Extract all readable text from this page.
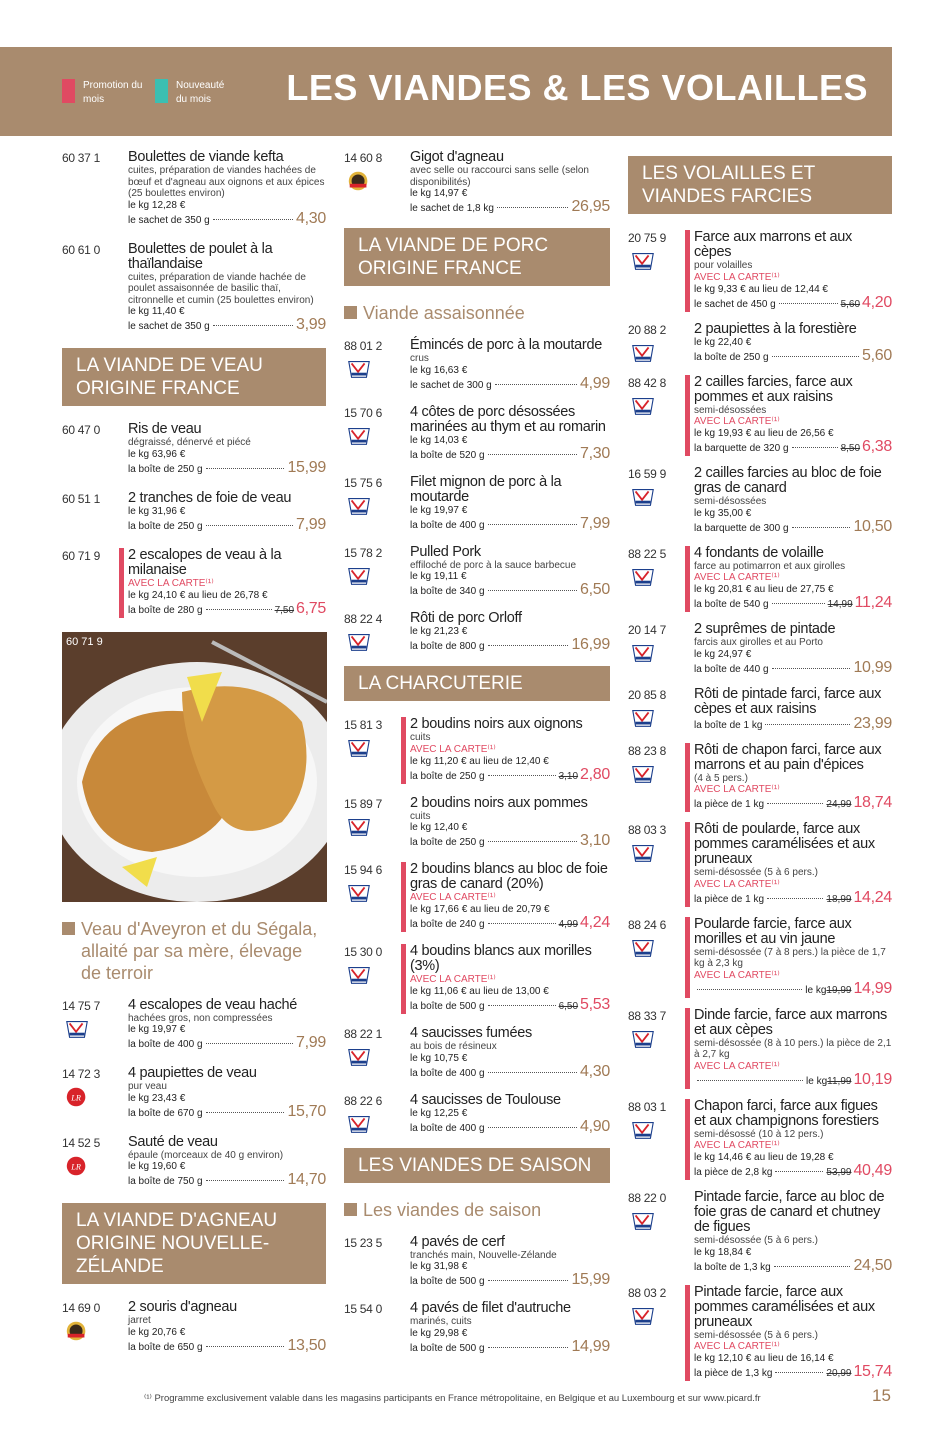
Promotion du mois
Nouveauté du mois	LES VIANDES & LES VOLAILLES
60 37 1 Boulettes de viande kefta
cuites, préparation de viandes hachées de bœuf et d'agneau aux oignons et aux épices (25 boulettes environ)
le kg 12,28 €
le sachet de 350 g	4,30
60 61 0 Boulettes de poulet à la thaïlandaise
cuites, préparation de viande hachée de poulet assaisonnée de basilic thaï, citronnelle et cumin (25 boulettes environ)
le kg 11,40 €
le sachet de 350 g	3,99
LA VIANDE DE VEAU ORIGINE FRANCE
60 47 0 Ris de veau
dégraissé, dénervé et piécé
le kg 63,96 €
la boîte de 250 g	15,99
60 51 1 2 tranches de foie de veau
le kg 31,96 €
la boîte de 250 g	7,99
60 71 9 2 escalopes de veau à la milanaise
AVEC LA CARTE⁽¹⁾
le kg 24,10 € au lieu de 26,78 €
la boîte de 280 g	7,50 6,75
60 71 9
Veau d'Aveyron et du Ségala, allaité par sa mère, élevage de terroir
14 75 7 4 escalopes de veau haché
hachées gros, non compressées
le kg 19,97 €
la boîte de 400 g	7,99
14 72 3
LR
4 paupiettes de veau
pur veau
le kg 23,43 €
la boîte de 670 g	15,70
14 52 5
LR
Sauté de veau
épaule (morceaux de 40 g environ)
le kg 19,60 €
la boîte de 750 g	14,70
LA VIANDE D'AGNEAU ORIGINE NOUVELLE-ZÉLANDE
14 69 0 2 souris d'agneau
jarret
le kg 20,76 €
la boîte de 650 g	13,50
14 60 8 Gigot d'agneau
avec selle ou raccourci sans selle (selon disponibilités)
le kg 14,97 €
le sachet de 1,8 kg	26,95
LA VIANDE DE PORC ORIGINE FRANCE
Viande assaisonnée
88 01 2 Émincés de porc à la moutarde
crus
le kg 16,63 €
le sachet de 300 g	4,99
15 70 6 4 côtes de porc désossées marinées au thym et au romarin
le kg 14,03 €
la boîte de 520 g	7,30
15 75 6 Filet mignon de porc à la moutarde
le kg 19,97 €
la boîte de 400 g	7,99
15 78 2 Pulled Pork
effiloché de porc à la sauce barbecue
le kg 19,11 €
la boîte de 340 g	6,50
88 22 4 Rôti de porc Orloff
le kg 21,23 €
la boîte de 800 g	16,99
LA CHARCUTERIE
15 81 3 2 boudins noirs aux oignons
cuits
AVEC LA CARTE⁽¹⁾
le kg 11,20 € au lieu de 12,40 €
la boîte de 250 g	3,10 2,80
15 89 7 2 boudins noirs aux pommes
cuits
le kg 12,40 €
la boîte de 250 g	3,10
15 94 6 2 boudins blancs au bloc de foie gras de canard (20%)
AVEC LA CARTE⁽¹⁾
le kg 17,66 € au lieu de 20,79 €
la boîte de 240 g	4,99 4,24
15 30 0 4 boudins blancs aux morilles (3%)
AVEC LA CARTE⁽¹⁾
le kg 11,06 € au lieu de 13,00 €
la boîte de 500 g	6,50 5,53
88 22 1 4 saucisses fumées
au bois de résineux
le kg 10,75 €
la boîte de 400 g	4,30
88 22 6 4 saucisses de Toulouse
le kg 12,25 €
la boîte de 400 g	4,90
LES VIANDES DE SAISON
Les viandes de saison
15 23 5 4 pavés de cerf
tranchés main, Nouvelle-Zélande
le kg 31,98 €
la boîte de 500 g	15,99
15 54 0 4 pavés de filet d'autruche
marinés, cuits
le kg 29,98 €
la boîte de 500 g	14,99
LES VOLAILLES ET VIANDES FARCIES
20 75 9 Farce aux marrons et aux cèpes
pour volailles
AVEC LA CARTE⁽¹⁾
le kg 9,33 € au lieu de 12,44 €
le sachet de 450 g	5,60 4,20
20 88 2 2 paupiettes à la forestière
le kg 22,40 €
la boîte de 250 g	5,60
88 42 8 2 cailles farcies, farce aux pommes et aux raisins
semi-désossées
AVEC LA CARTE⁽¹⁾
le kg 19,93 € au lieu de 26,56 €
la barquette de 320 g	8,50 6,38
16 59 9 2 cailles farcies au bloc de foie gras de canard
semi-désossées
le kg 35,00 €
la barquette de 300 g	10,50
88 22 5 4 fondants de volaille
farce au potimarron et aux girolles
AVEC LA CARTE⁽¹⁾
le kg 20,81 € au lieu de 27,75 €
la boîte de 540 g	14,99 11,24
20 14 7 2 suprêmes de pintade
farcis aux girolles et au Porto
le kg 24,97 €
la boîte de 440 g	10,99
20 85 8 Rôti de pintade farci, farce aux cèpes et aux raisins
la boîte de 1 kg	23,99
88 23 8 Rôti de chapon farci, farce aux marrons et au pain d'épices
(4 à 5 pers.)
AVEC LA CARTE⁽¹⁾
la pièce de 1 kg	24,99 18,74
88 03 3 Rôti de poularde, farce aux pommes caramélisées et aux pruneaux
semi-désossée (5 à 6 pers.)
AVEC LA CARTE⁽¹⁾
la pièce de 1 kg	18,99 14,24
88 24 6 Poularde farcie, farce aux morilles et au vin jaune
semi-désossée (7 à 8 pers.) la pièce de 1,7 kg à 2,3 kg
AVEC LA CARTE⁽¹⁾
le kg 19,99 14,99
88 33 7 Dinde farcie, farce aux marrons et aux cèpes
semi-désossée (8 à 10 pers.) la pièce de 2,1 à 2,7 kg
AVEC LA CARTE⁽¹⁾
le kg 11,99 10,19
88 03 1 Chapon farci, farce aux figues et aux champignons forestiers
semi-désossé (10 à 12 pers.)
AVEC LA CARTE⁽¹⁾
le kg 14,46 € au lieu de 19,28 €
la pièce de 2,8 kg	53,99 40,49
88 22 0 Pintade farcie, farce au bloc de foie gras de canard et chutney de figues
semi-désossée (5 à 6 pers.)
le kg 18,84 €
la boîte de 1,3 kg	24,50
88 03 2 Pintade farcie, farce aux pommes caramélisées et aux pruneaux
semi-désossée (5 à 6 pers.)
AVEC LA CARTE⁽¹⁾
le kg 12,10 € au lieu de 16,14 €
la pièce de 1,3 kg	20,99 15,74
⁽¹⁾ Programme exclusivement valable dans les magasins participants en France métropolitaine, en Belgique et au Luxembourg et sur www.picard.fr	15
